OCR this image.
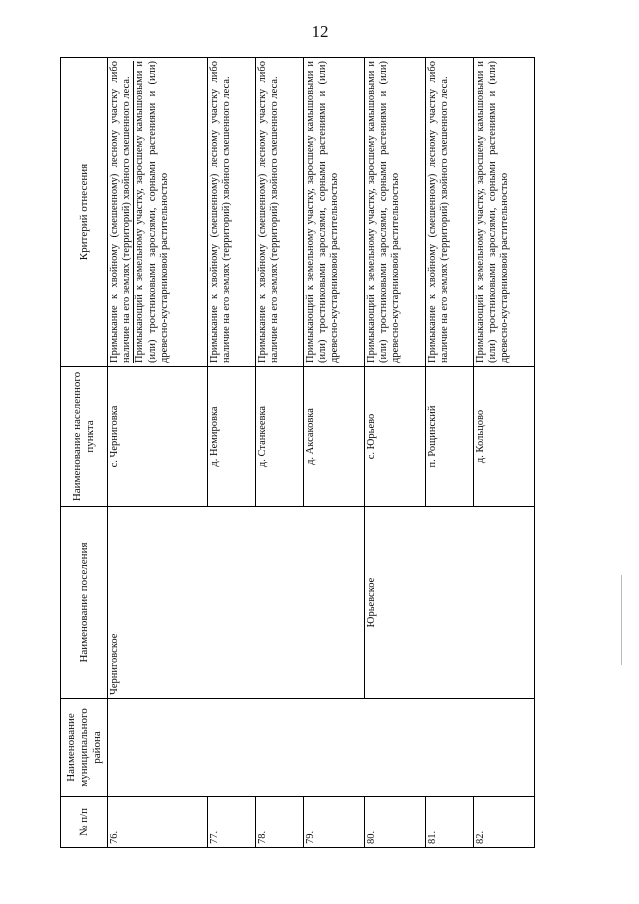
12
№ п/п	Наименование муниципального района	Наименование поселения	Наименование населенного пункта	Критерий отнесения
76.		Черниговское	с. Черниговка	Примыкание к хвойному (смешенному) лесному участку либо наличие на его землях (территорий) хвойного смешенного леса. Примыкающий к земельному участку, заросшему камышовыми и (или) тростниковыми зарослями, сорными растениями и (или) древесно-кустарниковой растительностью

77.			д. Немировка	Примыкание к хвойному (смешенному) лесному участку либо наличие на его землях (территорий) хвойного смешенного леса.

78.			д. Станкеевка	Примыкание к хвойному (смешенному) лесному участку либо наличие на его землях (территорий) хвойного смешенного леса.

79.			д. Аксаковка	Примыкающий к земельному участку, заросшему камышовыми и (или) тростниковыми зарослями, сорными растениями и (или) древесно-кустарниковой растительностью

80.		Юрьевское	с. Юрьево	Примыкающий к земельному участку, заросшему камышовыми и (или) тростниковыми зарослями, сорными растениями и (или) древесно-кустарниковой растительностью

81.			п. Рощинский	Примыкание к хвойному (смешенному) лесному участку либо наличие на его землях (территорий) хвойного смешенного леса.

82.			д. Кольцово	Примыкающий к земельному участку, заросшему камышовыми и (или) тростниковыми зарослями, сорными растениями и (или) древесно-кустарниковой растительностью
